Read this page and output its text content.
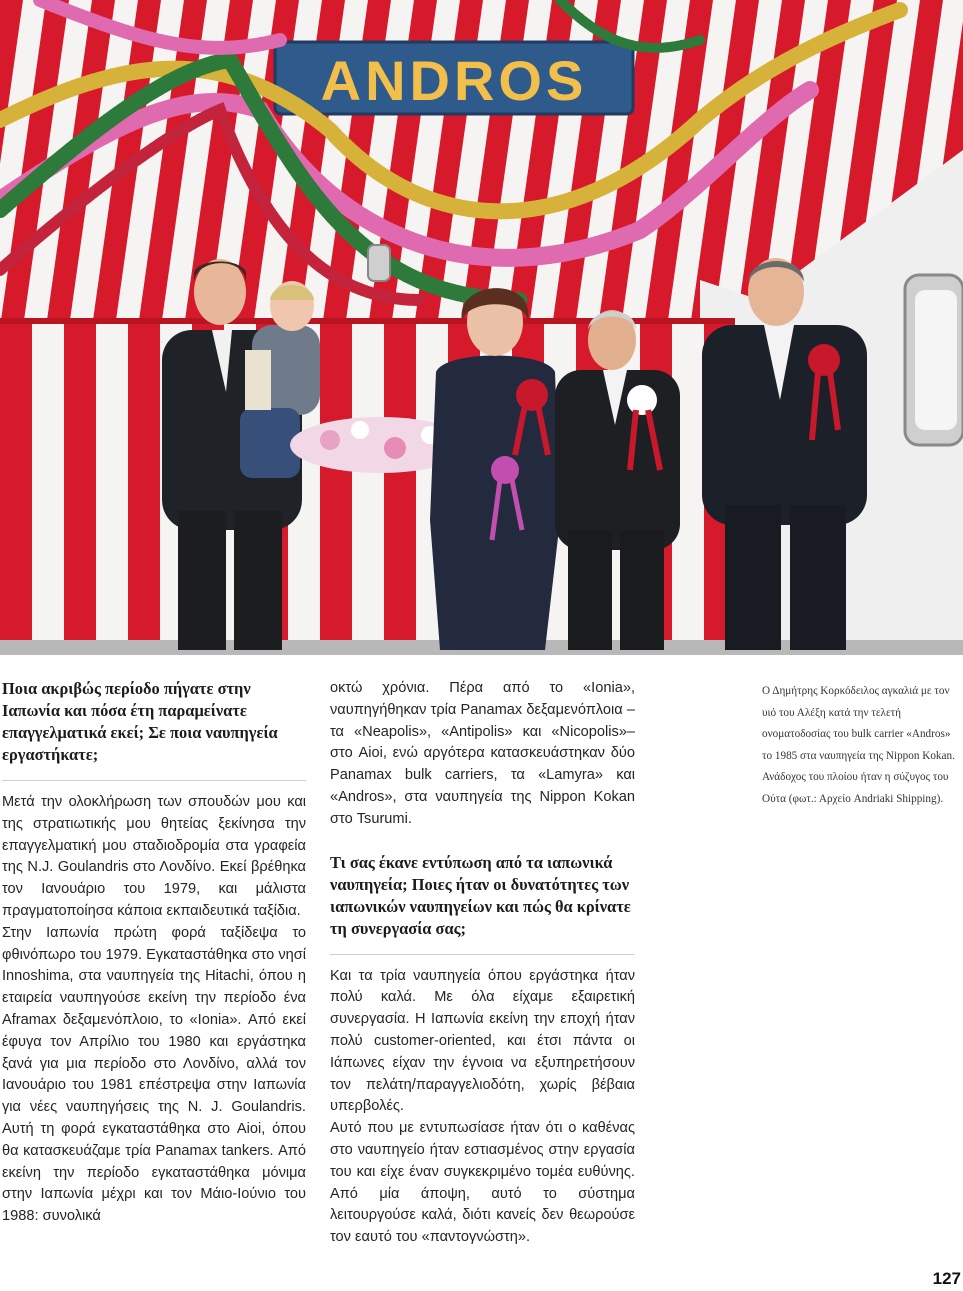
ANDROS
Ποια ακριβώς περίοδο πήγατε στην Ιαπωνία και πόσα έτη παραμείνατε επαγγελματικά εκεί; Σε ποια ναυπηγεία εργαστήκατε;

Μετά την ολοκλήρωση των σπουδών μου και της στρατιωτικής μου θητείας ξεκίνησα την επαγγελματική μου σταδιοδρομία στα γραφεία της N.J. Goulandris στο Λονδίνο. Εκεί βρέθηκα τον Ιανουάριο του 1979, και μάλιστα πραγματοποίησα κάποια εκπαιδευτικά ταξίδια.

Στην Ιαπωνία πρώτη φορά ταξίδεψα το φθινόπωρο του 1979. Εγκαταστάθηκα στο νησί Innoshima, στα ναυπηγεία της Hitachi, όπου η εταιρεία ναυπηγούσε εκείνη την περίοδο ένα Aframax δεξαμενόπλοιο, το «Ionia». Από εκεί έφυγα τον Απρίλιο του 1980 και εργάστηκα ξανά για μια περίοδο στο Λονδίνο, αλλά τον Ιανουάριο του 1981 επέστρεψα στην Ιαπωνία για νέες ναυπηγήσεις της N. J. Goulandris. Αυτή τη φορά εγκαταστάθηκα στο Aioi, όπου θα κατασκευάζαμε τρία Panamax tankers. Από εκείνη την περίοδο εγκαταστάθηκα μόνιμα στην Ιαπωνία μέχρι και τον Μάιο-Ιούνιο του 1988: συνολικά

οκτώ χρόνια. Πέρα από το «Ionia», ναυπηγήθηκαν τρία Panamax δεξαμενόπλοια –τα «Neapolis», «Antipolis» και «Nicopolis»– στο Aioi, ενώ αργότερα κατασκευάστηκαν δύο Panamax bulk carriers, τα «Lamyra» και «Andros», στα ναυπηγεία της Nippon Kokan στο Tsurumi.

Τι σας έκανε εντύπωση από τα ιαπωνικά ναυπηγεία; Ποιες ήταν οι δυνατότητες των ιαπωνικών ναυπηγείων και πώς θα κρίνατε τη συνεργασία σας;

Και τα τρία ναυπηγεία όπου εργάστηκα ήταν πολύ καλά. Με όλα είχαμε εξαιρετική συνεργασία. Η Ιαπωνία εκείνη την εποχή ήταν πολύ customer-oriented, και έτσι πάντα οι Ιάπωνες είχαν την έγνοια να εξυπηρετήσουν τον πελάτη/παραγγελιοδότη, χωρίς βέβαια υπερβολές.

Αυτό που με εντυπωσίασε ήταν ότι ο καθένας στο ναυπηγείο ήταν εστιασμένος στην εργασία του και είχε έναν συγκεκριμένο τομέα ευθύνης. Από μία άποψη, αυτό το σύστημα λειτουργούσε καλά, διότι κανείς δεν θεωρούσε τον εαυτό του «παντογνώστη».

Ο Δημήτρης Κορκόδειλος αγκαλιά με τον υιό του Αλέξη κατά την τελετή ονοματοδοσίας του bulk carrier «Andros» το 1985 στα ναυπηγεία της Nippon Kokan. Ανάδοχος του πλοίου ήταν η σύζυγος του Ούτα (φωτ.: Αρχείο Andriaki Shipping).

127
